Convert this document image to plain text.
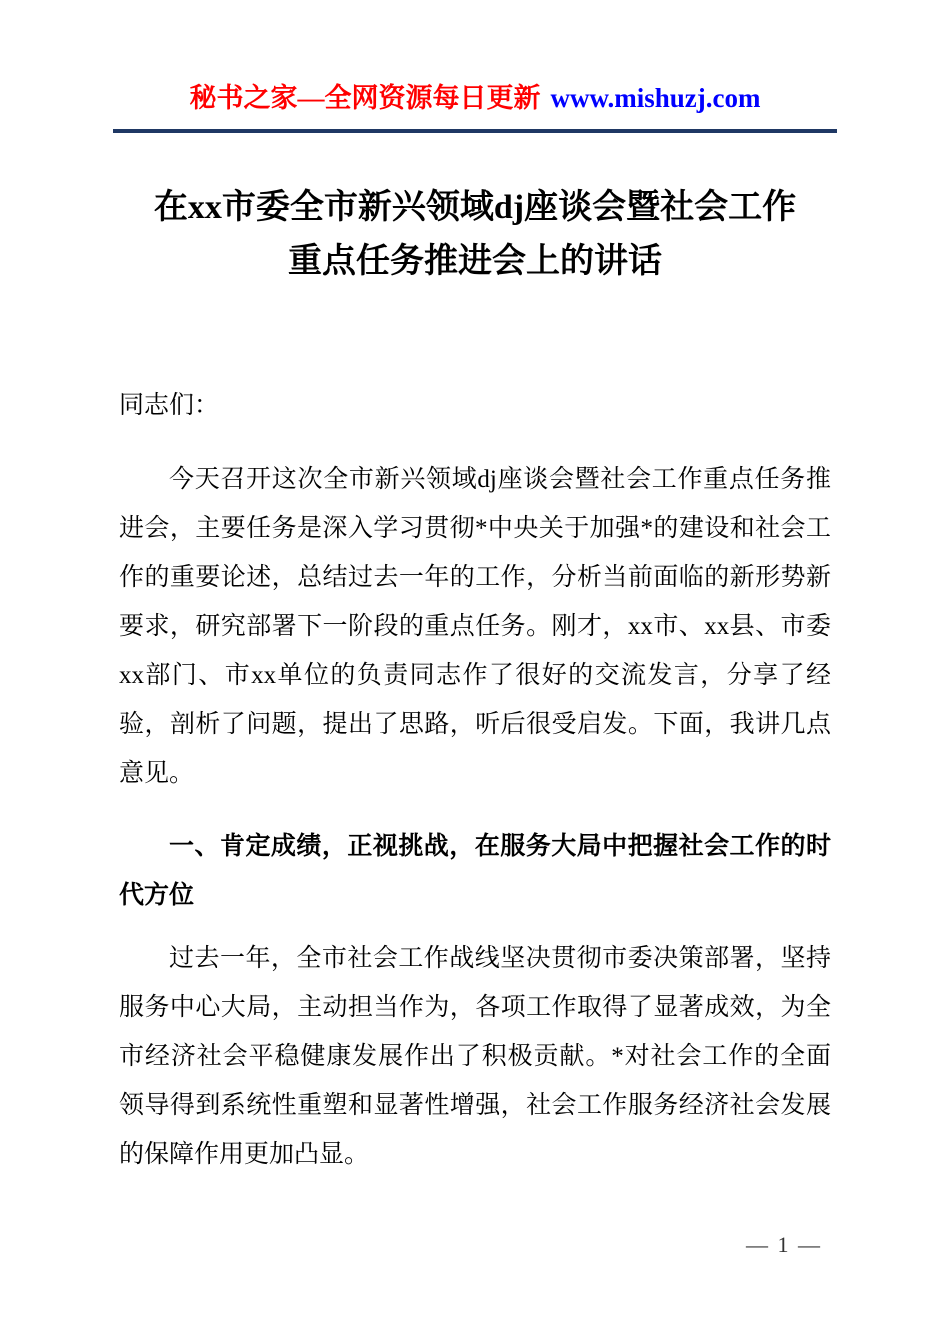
秘书之家—全网资源每日更新 www.mishuzj.com
在xx市委全市新兴领域dj座谈会暨社会工作
重点任务推进会上的讲话

同志们：

今天召开这次全市新兴领域dj座谈会暨社会工作重点任务推进会，主要任务是深入学习贯彻*中央关于加强*的建设和社会工作的重要论述，总结过去一年的工作，分析当前面临的新形势新要求，研究部署下一阶段的重点任务。刚才，xx市、xx县、市委xx部门、市xx单位的负责同志作了很好的交流发言，分享了经验，剖析了问题，提出了思路，听后很受启发。下面，我讲几点意见。

一、肯定成绩，正视挑战，在服务大局中把握社会工作的时代方位

过去一年，全市社会工作战线坚决贯彻市委决策部署，坚持服务中心大局，主动担当作为，各项工作取得了显著成效，为全市经济社会平稳健康发展作出了积极贡献。*对社会工作的全面领导得到系统性重塑和显著性增强，社会工作服务经济社会发展的保障作用更加凸显。

— 1 —
